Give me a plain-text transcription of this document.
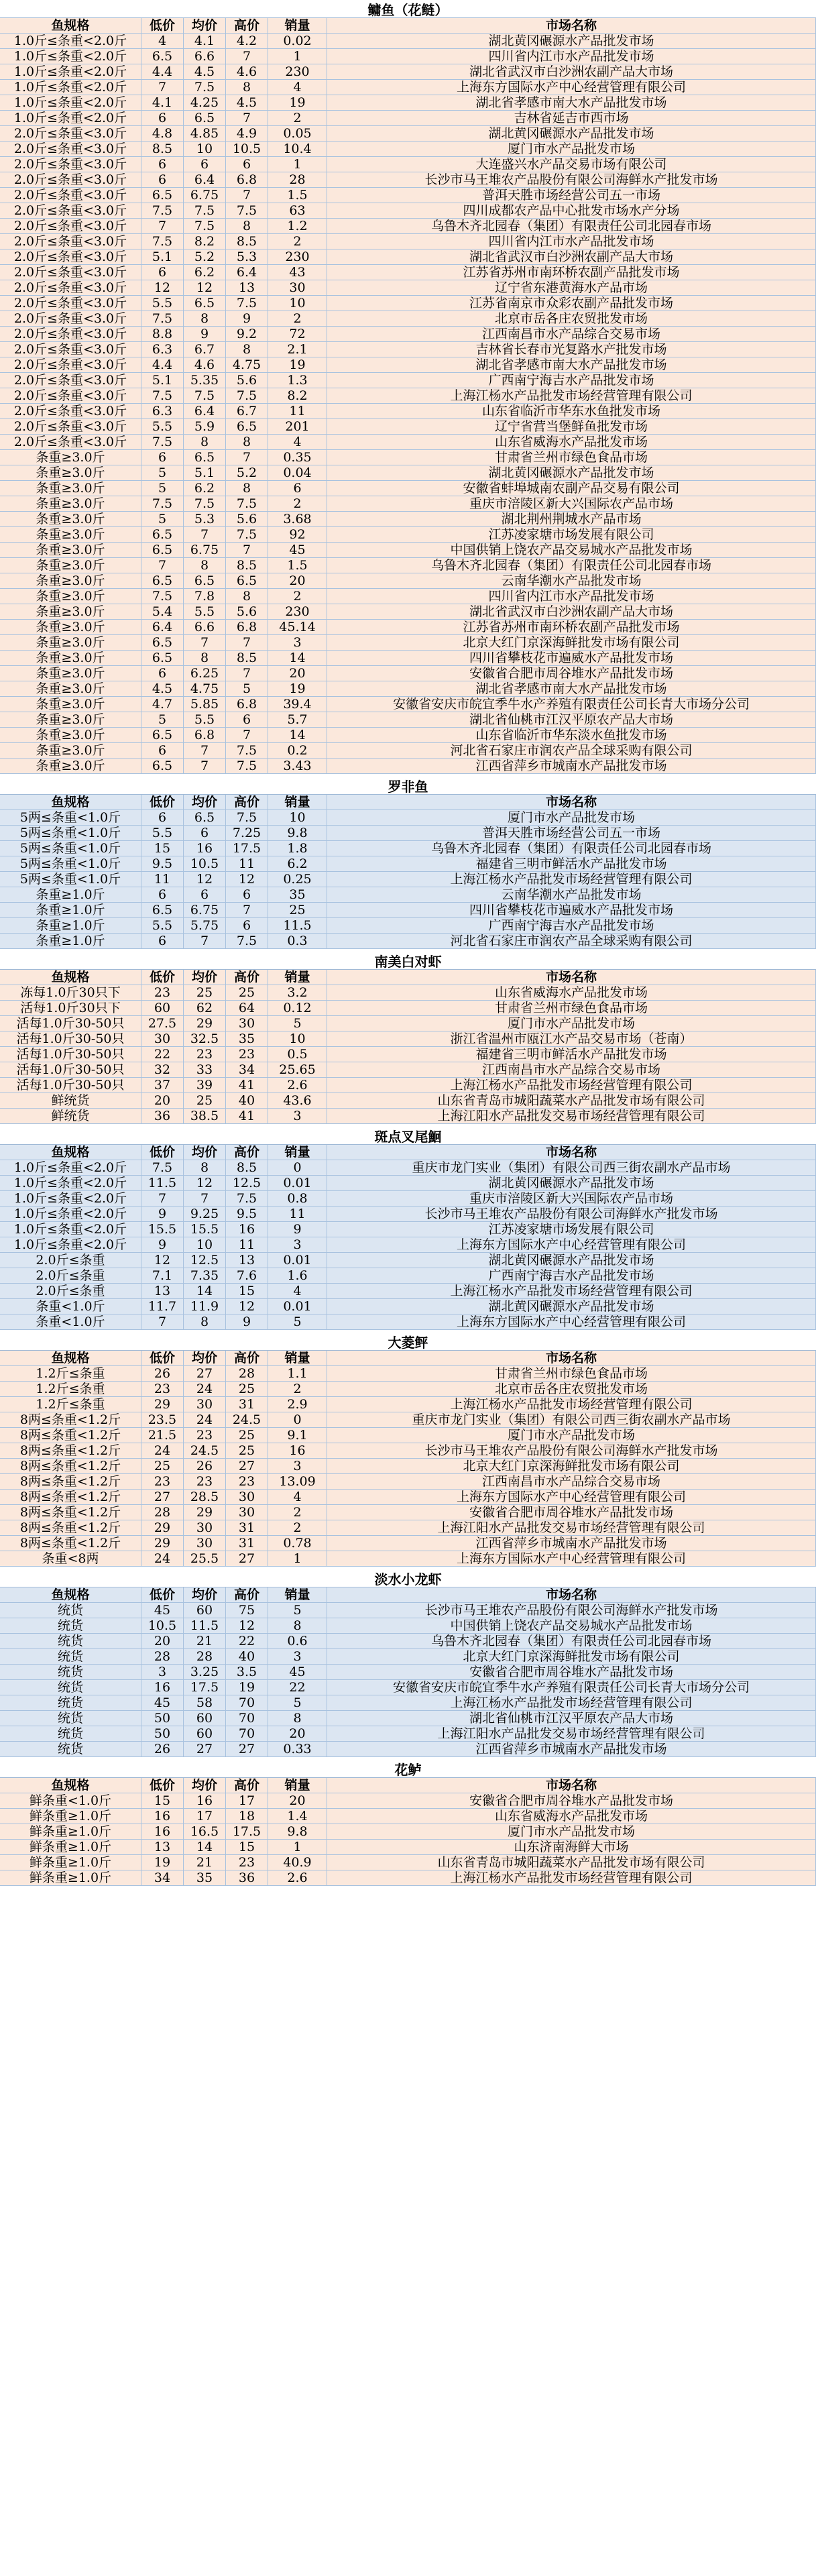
鳙鱼（花鲢）
鱼规格	低价	均价	高价	销量	市场名称
1.0斤≤条重<2.0斤	4	4.1	4.2	0.02	湖北黄冈碾源水产品批发市场
1.0斤≤条重<2.0斤	6.5	6.6	7	1	四川省内江市水产品批发市场
1.0斤≤条重<2.0斤	4.4	4.5	4.6	230	湖北省武汉市白沙洲农副产品大市场
1.0斤≤条重<2.0斤	7	7.5	8	4	上海东方国际水产中心经营管理有限公司
1.0斤≤条重<2.0斤	4.1	4.25	4.5	19	湖北省孝感市南大水产品批发市场
1.0斤≤条重<2.0斤	6	6.5	7	2	吉林省延吉市西市场
2.0斤≤条重<3.0斤	4.8	4.85	4.9	0.05	湖北黄冈碾源水产品批发市场
2.0斤≤条重<3.0斤	8.5	10	10.5	10.4	厦门市水产品批发市场
2.0斤≤条重<3.0斤	6	6	6	1	大连盛兴水产品交易市场有限公司
2.0斤≤条重<3.0斤	6	6.4	6.8	28	长沙市马王堆农产品股份有限公司海鲜水产批发市场
2.0斤≤条重<3.0斤	6.5	6.75	7	1.5	普洱天胜市场经营公司五一市场
2.0斤≤条重<3.0斤	7.5	7.5	7.5	63	四川成都农产品中心批发市场水产分场
2.0斤≤条重<3.0斤	7	7.5	8	1.2	乌鲁木齐北园春（集团）有限责任公司北园春市场
2.0斤≤条重<3.0斤	7.5	8.2	8.5	2	四川省内江市水产品批发市场
2.0斤≤条重<3.0斤	5.1	5.2	5.3	230	湖北省武汉市白沙洲农副产品大市场
2.0斤≤条重<3.0斤	6	6.2	6.4	43	江苏省苏州市南环桥农副产品批发市场
2.0斤≤条重<3.0斤	12	12	13	30	辽宁省东港黄海水产品市场
2.0斤≤条重<3.0斤	5.5	6.5	7.5	10	江苏省南京市众彩农副产品批发市场
2.0斤≤条重<3.0斤	7.5	8	9	2	北京市岳各庄农贸批发市场
2.0斤≤条重<3.0斤	8.8	9	9.2	72	江西南昌市水产品综合交易市场
2.0斤≤条重<3.0斤	6.3	6.7	8	2.1	吉林省长春市光复路水产批发市场
2.0斤≤条重<3.0斤	4.4	4.6	4.75	19	湖北省孝感市南大水产品批发市场
2.0斤≤条重<3.0斤	5.1	5.35	5.6	1.3	广西南宁海吉水产品批发市场
2.0斤≤条重<3.0斤	7.5	7.5	7.5	8.2	上海江杨水产品批发市场经营管理有限公司
2.0斤≤条重<3.0斤	6.3	6.4	6.7	11	山东省临沂市华东水鱼批发市场
2.0斤≤条重<3.0斤	5.5	5.9	6.5	201	辽宁省营当堡鲜鱼批发市场
2.0斤≤条重<3.0斤	7.5	8	8	4	山东省威海水产品批发市场
条重≥3.0斤	6	6.5	7	0.35	甘肃省兰州市绿色食品市场
条重≥3.0斤	5	5.1	5.2	0.04	湖北黄冈碾源水产品批发市场
条重≥3.0斤	5	6.2	8	6	安徽省蚌埠城南农副产品交易有限公司
条重≥3.0斤	7.5	7.5	7.5	2	重庆市涪陵区新大兴国际农产品市场
条重≥3.0斤	5	5.3	5.6	3.68	湖北荆州荆城水产品市场
条重≥3.0斤	6.5	7	7.5	92	江苏凌家塘市场发展有限公司
条重≥3.0斤	6.5	6.75	7	45	中国供销上饶农产品交易城水产品批发市场
条重≥3.0斤	7	8	8.5	1.5	乌鲁木齐北园春（集团）有限责任公司北园春市场
条重≥3.0斤	6.5	6.5	6.5	20	云南华潮水产品批发市场
条重≥3.0斤	7.5	7.8	8	2	四川省内江市水产品批发市场
条重≥3.0斤	5.4	5.5	5.6	230	湖北省武汉市白沙洲农副产品大市场
条重≥3.0斤	6.4	6.6	6.8	45.14	江苏省苏州市南环桥农副产品批发市场
条重≥3.0斤	6.5	7	7	3	北京大红门京深海鲜批发市场有限公司
条重≥3.0斤	6.5	8	8.5	14	四川省攀枝花市遍威水产品批发市场
条重≥3.0斤	6	6.25	7	20	安徽省合肥市周谷堆水产品批发市场
条重≥3.0斤	4.5	4.75	5	19	湖北省孝感市南大水产品批发市场
条重≥3.0斤	4.7	5.85	6.8	39.4	安徽省安庆市皖宜季牛水产养殖有限责任公司长青大市场分公司
条重≥3.0斤	5	5.5	6	5.7	湖北省仙桃市江汉平原农产品大市场
条重≥3.0斤	6.5	6.8	7	14	山东省临沂市华东淡水鱼批发市场
条重≥3.0斤	6	7	7.5	0.2	河北省石家庄市润农产品全球采购有限公司
条重≥3.0斤	6.5	7	7.5	3.43	江西省萍乡市城南水产品批发市场
罗非鱼
鱼规格	低价	均价	高价	销量	市场名称
5两≤条重<1.0斤	6	6.5	7.5	10	厦门市水产品批发市场
5两≤条重<1.0斤	5.5	6	7.25	9.8	普洱天胜市场经营公司五一市场
5两≤条重<1.0斤	15	16	17.5	1.8	乌鲁木齐北园春（集团）有限责任公司北园春市场
5两≤条重<1.0斤	9.5	10.5	11	6.2	福建省三明市鲜活水产品批发市场
5两≤条重<1.0斤	11	12	12	0.25	上海江杨水产品批发市场经营管理有限公司
条重≥1.0斤	6	6	6	35	云南华潮水产品批发市场
条重≥1.0斤	6.5	6.75	7	25	四川省攀枝花市遍威水产品批发市场
条重≥1.0斤	5.5	5.75	6	11.5	广西南宁海吉水产品批发市场
条重≥1.0斤	6	7	7.5	0.3	河北省石家庄市润农产品全球采购有限公司
南美白对虾
鱼规格	低价	均价	高价	销量	市场名称
冻每1.0斤30只下	23	25	25	3.2	山东省威海水产品批发市场
活每1.0斤30只下	60	62	64	0.12	甘肃省兰州市绿色食品市场
活每1.0斤30-50只	27.5	29	30	5	厦门市水产品批发市场
活每1.0斤30-50只	30	32.5	35	10	浙江省温州市瓯江水产品交易市场（苍南）
活每1.0斤30-50只	22	23	23	0.5	福建省三明市鲜活水产品批发市场
活每1.0斤30-50只	32	33	34	25.65	江西南昌市水产品综合交易市场
活每1.0斤30-50只	37	39	41	2.6	上海江杨水产品批发市场经营管理有限公司
鲜统货	20	25	40	43.6	山东省青岛市城阳蔬菜水产品批发市场有限公司
鲜统货	36	38.5	41	3	上海江阳水产品批发交易市场经营管理有限公司
斑点叉尾鮰
鱼规格	低价	均价	高价	销量	市场名称
1.0斤≤条重<2.0斤	7.5	8	8.5	0	重庆市龙门实业（集团）有限公司西三街农副水产品市场
1.0斤≤条重<2.0斤	11.5	12	12.5	0.01	湖北黄冈碾源水产品批发市场
1.0斤≤条重<2.0斤	7	7	7.5	0.8	重庆市涪陵区新大兴国际农产品市场
1.0斤≤条重<2.0斤	9	9.25	9.5	11	长沙市马王堆农产品股份有限公司海鲜水产批发市场
1.0斤≤条重<2.0斤	15.5	15.5	16	9	江苏凌家塘市场发展有限公司
1.0斤≤条重<2.0斤	9	10	11	3	上海东方国际水产中心经营管理有限公司
2.0斤≤条重	12	12.5	13	0.01	湖北黄冈碾源水产品批发市场
2.0斤≤条重	7.1	7.35	7.6	1.6	广西南宁海吉水产品批发市场
2.0斤≤条重	13	14	15	4	上海江杨水产品批发市场经营管理有限公司
条重<1.0斤	11.7	11.9	12	0.01	湖北黄冈碾源水产品批发市场
条重<1.0斤	7	8	9	5	上海东方国际水产中心经营管理有限公司
大菱鲆
鱼规格	低价	均价	高价	销量	市场名称
1.2斤≤条重	26	27	28	1.1	甘肃省兰州市绿色食品市场
1.2斤≤条重	23	24	25	2	北京市岳各庄农贸批发市场
1.2斤≤条重	29	30	31	2.9	上海江杨水产品批发市场经营管理有限公司
8两≤条重<1.2斤	23.5	24	24.5	0	重庆市龙门实业（集团）有限公司西三街农副水产品市场
8两≤条重<1.2斤	21.5	23	25	9.1	厦门市水产品批发市场
8两≤条重<1.2斤	24	24.5	25	16	长沙市马王堆农产品股份有限公司海鲜水产批发市场
8两≤条重<1.2斤	25	26	27	3	北京大红门京深海鲜批发市场有限公司
8两≤条重<1.2斤	23	23	23	13.09	江西南昌市水产品综合交易市场
8两≤条重<1.2斤	27	28.5	30	4	上海东方国际水产中心经营管理有限公司
8两≤条重<1.2斤	28	29	30	2	安徽省合肥市周谷堆水产品批发市场
8两≤条重<1.2斤	29	30	31	2	上海江阳水产品批发交易市场经营管理有限公司
8两≤条重<1.2斤	29	30	31	0.78	江西省萍乡市城南水产品批发市场
条重<8两	24	25.5	27	1	上海东方国际水产中心经营管理有限公司
淡水小龙虾
鱼规格	低价	均价	高价	销量	市场名称
统货	45	60	75	5	长沙市马王堆农产品股份有限公司海鲜水产批发市场
统货	10.5	11.5	12	8	中国供销上饶农产品交易城水产品批发市场
统货	20	21	22	0.6	乌鲁木齐北园春（集团）有限责任公司北园春市场
统货	28	28	40	3	北京大红门京深海鲜批发市场有限公司
统货	3	3.25	3.5	45	安徽省合肥市周谷堆水产品批发市场
统货	16	17.5	19	22	安徽省安庆市皖宜季牛水产养殖有限责任公司长青大市场分公司
统货	45	58	70	5	上海江杨水产品批发市场经营管理有限公司
统货	50	60	70	8	湖北省仙桃市江汉平原农产品大市场
统货	50	60	70	20	上海江阳水产品批发交易市场经营管理有限公司
统货	26	27	27	0.33	江西省萍乡市城南水产品批发市场
花鲈
鱼规格	低价	均价	高价	销量	市场名称
鲜条重<1.0斤	15	16	17	20	安徽省合肥市周谷堆水产品批发市场
鲜条重≥1.0斤	16	17	18	1.4	山东省威海水产品批发市场
鲜条重≥1.0斤	16	16.5	17.5	9.8	厦门市水产品批发市场
鲜条重≥1.0斤	13	14	15	1	山东济南海鲜大市场
鲜条重≥1.0斤	19	21	23	40.9	山东省青岛市城阳蔬菜水产品批发市场有限公司
鲜条重≥1.0斤	34	35	36	2.6	上海江杨水产品批发市场经营管理有限公司
